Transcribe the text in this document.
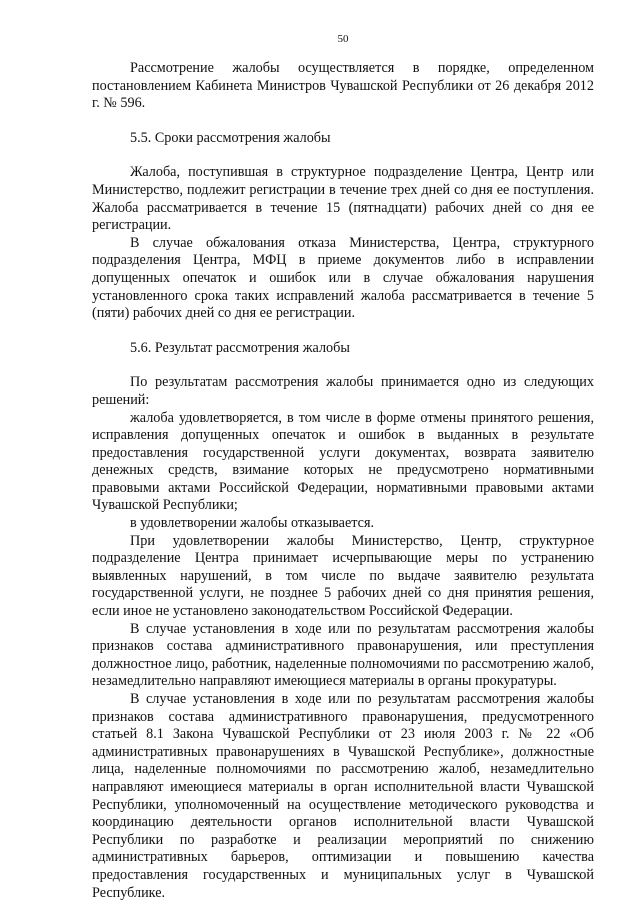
50

Рассмотрение жалобы осуществляется в порядке, определенном постановлением Кабинета Министров Чувашской Республики от 26 декабря 2012 г. № 596.

5.5. Сроки рассмотрения жалобы

Жалоба, поступившая в структурное подразделение Центра, Центр или Министерство, подлежит регистрации в течение трех дней со дня ее поступления. Жалоба рассматривается в течение 15 (пятнадцати) рабочих дней со дня ее регистрации.

В случае обжалования отказа Министерства, Центра, структурного подразделения Центра, МФЦ в приеме документов либо в исправлении допущенных опечаток и ошибок или в случае обжалования нарушения установленного срока таких исправлений жалоба рассматривается в течение 5 (пяти) рабочих дней со дня ее регистрации.

5.6. Результат рассмотрения жалобы

По результатам рассмотрения жалобы принимается одно из следующих решений:

жалоба удовлетворяется, в том числе в форме отмены принятого решения, исправления допущенных опечаток и ошибок в выданных в результате предоставления государственной услуги документах, возврата заявителю денежных средств, взимание которых не предусмотрено нормативными правовыми актами Российской Федерации, нормативными правовыми актами Чувашской Республики;

в удовлетворении жалобы отказывается.

При удовлетворении жалобы Министерство, Центр, структурное подразделение Центра принимает исчерпывающие меры по устранению выявленных нарушений, в том числе по выдаче заявителю результата государственной услуги, не позднее 5 рабочих дней со дня принятия решения, если иное не установлено законодательством Российской Федерации.

В случае установления в ходе или по результатам рассмотрения жалобы признаков состава административного правонарушения, или преступления должностное лицо, работник, наделенные полномочиями по рассмотрению жалоб, незамедлительно направляют имеющиеся материалы в органы прокуратуры.

В случае установления в ходе или по результатам рассмотрения жалобы признаков состава административного правонарушения, предусмотренного статьей 8.1 Закона Чувашской Республики от 23 июля 2003 г. № 22 «Об административных правонарушениях в Чувашской Республике», должностные лица, наделенные полномочиями по рассмотрению жалоб, незамедлительно направляют имеющиеся материалы в орган исполнительной власти Чувашской Республики, уполномоченный на осуществление методического руководства и координацию деятельности органов исполнительной власти Чувашской Республики по разработке и реализации мероприятий по снижению административных барьеров, оптимизации и повышению качества предоставления государственных и муниципальных услуг в Чувашской Республике.
